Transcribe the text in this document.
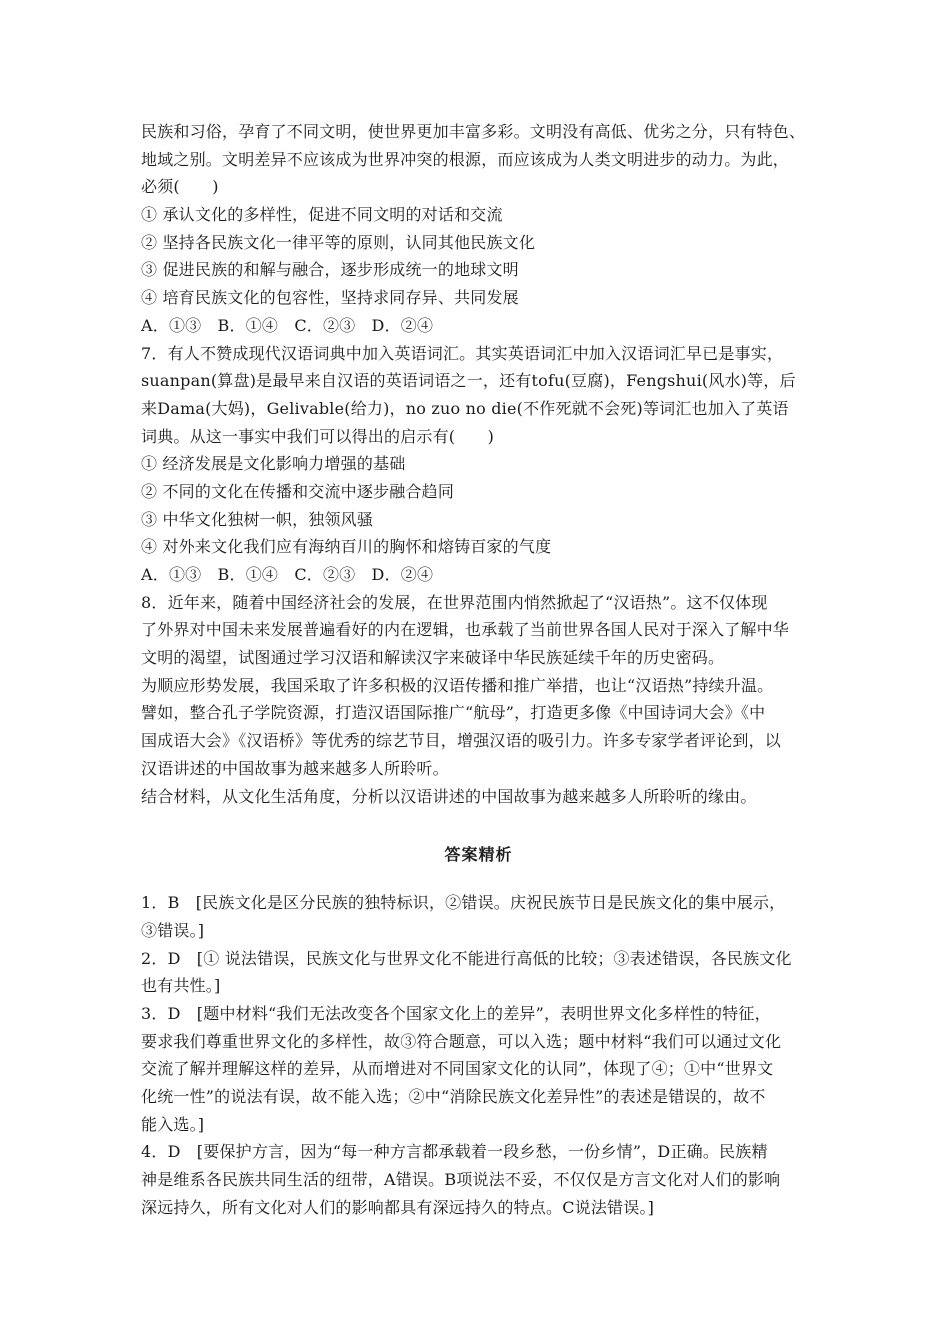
民族和习俗，孕育了不同文明，使世界更加丰富多彩。文明没有高低、优劣之分，只有特色、
地域之别。文明差异不应该成为世界冲突的根源，而应该成为人类文明进步的动力。为此，
必须(　　)
① 承认文化的多样性，促进不同文明的对话和交流
② 坚持各民族文化一律平等的原则，认同其他民族文化
③ 促进民族的和解与融合，逐步形成统一的地球文明
④ 培育民族文化的包容性，坚持求同存异、共同发展
A．①③　B．①④　C．②③　D．②④
7．有人不赞成现代汉语词典中加入英语词汇。其实英语词汇中加入汉语词汇早已是事实，
suanpan(算盘)是最早来自汉语的英语词语之一，还有tofu(豆腐)，Fengshui(风水)等，后
来Dama(大妈)，Gelivable(给力)，no zuo no die(不作死就不会死)等词汇也加入了英语
词典。从这一事实中我们可以得出的启示有(　　)
① 经济发展是文化影响力增强的基础
② 不同的文化在传播和交流中逐步融合趋同
③ 中华文化独树一帜，独领风骚
④ 对外来文化我们应有海纳百川的胸怀和熔铸百家的气度
A．①③　B．①④　C．②③　D．②④
8．近年来，随着中国经济社会的发展，在世界范围内悄然掀起了“汉语热”。这不仅体现
了外界对中国未来发展普遍看好的内在逻辑，也承载了当前世界各国人民对于深入了解中华
文明的渴望，试图通过学习汉语和解读汉字来破译中华民族延续千年的历史密码。
为顺应形势发展，我国采取了许多积极的汉语传播和推广举措，也让“汉语热”持续升温。
譬如，整合孔子学院资源，打造汉语国际推广“航母”，打造更多像《中国诗词大会》《中
国成语大会》《汉语桥》等优秀的综艺节目，增强汉语的吸引力。许多专家学者评论到，以
汉语讲述的中国故事为越来越多人所聆听。
结合材料，从文化生活角度，分析以汉语讲述的中国故事为越来越多人所聆听的缘由。
答案精析
1．B　[民族文化是区分民族的独特标识，②错误。庆祝民族节日是民族文化的集中展示，
③错误。]
2．D　[① 说法错误，民族文化与世界文化不能进行高低的比较；③表述错误，各民族文化
也有共性。]
3．D　[题中材料“我们无法改变各个国家文化上的差异”，表明世界文化多样性的特征，
要求我们尊重世界文化的多样性，故③符合题意，可以入选；题中材料“我们可以通过文化
交流了解并理解这样的差异，从而增进对不同国家文化的认同”，体现了④；①中“世界文
化统一性”的说法有误，故不能入选；②中“消除民族文化差异性”的表述是错误的，故不
能入选。]
4．D　[要保护方言，因为“每一种方言都承载着一段乡愁，一份乡情”，D正确。民族精
神是维系各民族共同生活的纽带，A错误。B项说法不妥，不仅仅是方言文化对人们的影响
深远持久，所有文化对人们的影响都具有深远持久的特点。C说法错误。]
